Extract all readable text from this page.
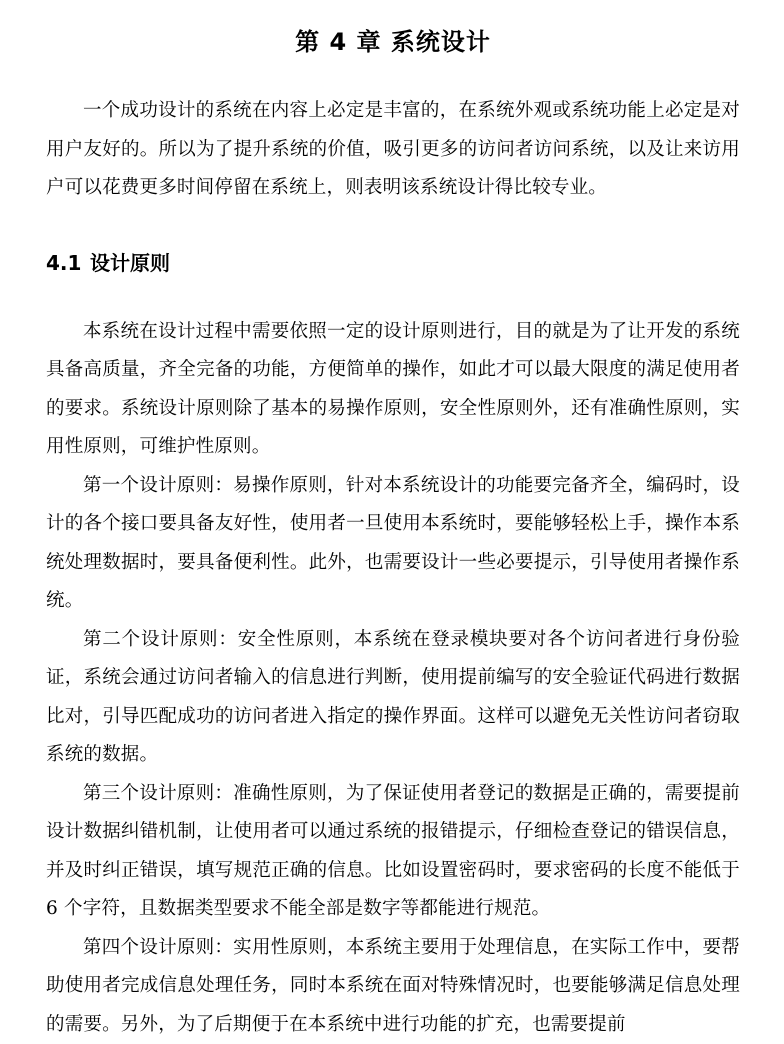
第 4 章 系统设计

一个成功设计的系统在内容上必定是丰富的，在系统外观或系统功能上必定是对用户友好的。所以为了提升系统的价值，吸引更多的访问者访问系统，以及让来访用户可以花费更多时间停留在系统上，则表明该系统设计得比较专业。

4.1 设计原则

本系统在设计过程中需要依照一定的设计原则进行，目的就是为了让开发的系统具备高质量，齐全完备的功能，方便简单的操作，如此才可以最大限度的满足使用者的要求。系统设计原则除了基本的易操作原则，安全性原则外，还有准确性原则，实用性原则，可维护性原则。

第一个设计原则：易操作原则，针对本系统设计的功能要完备齐全，编码时，设计的各个接口要具备友好性，使用者一旦使用本系统时，要能够轻松上手，操作本系统处理数据时，要具备便利性。此外，也需要设计一些必要提示，引导使用者操作系统。

第二个设计原则：安全性原则，本系统在登录模块要对各个访问者进行身份验证，系统会通过访问者输入的信息进行判断，使用提前编写的安全验证代码进行数据比对，引导匹配成功的访问者进入指定的操作界面。这样可以避免无关性访问者窃取系统的数据。

第三个设计原则：准确性原则，为了保证使用者登记的数据是正确的，需要提前设计数据纠错机制，让使用者可以通过系统的报错提示，仔细检查登记的错误信息，并及时纠正错误，填写规范正确的信息。比如设置密码时，要求密码的长度不能低于 6 个字符，且数据类型要求不能全部是数字等都能进行规范。

第四个设计原则：实用性原则，本系统主要用于处理信息，在实际工作中，要帮助使用者完成信息处理任务，同时本系统在面对特殊情况时，也要能够满足信息处理的需要。另外，为了后期便于在本系统中进行功能的扩充，也需要提前
